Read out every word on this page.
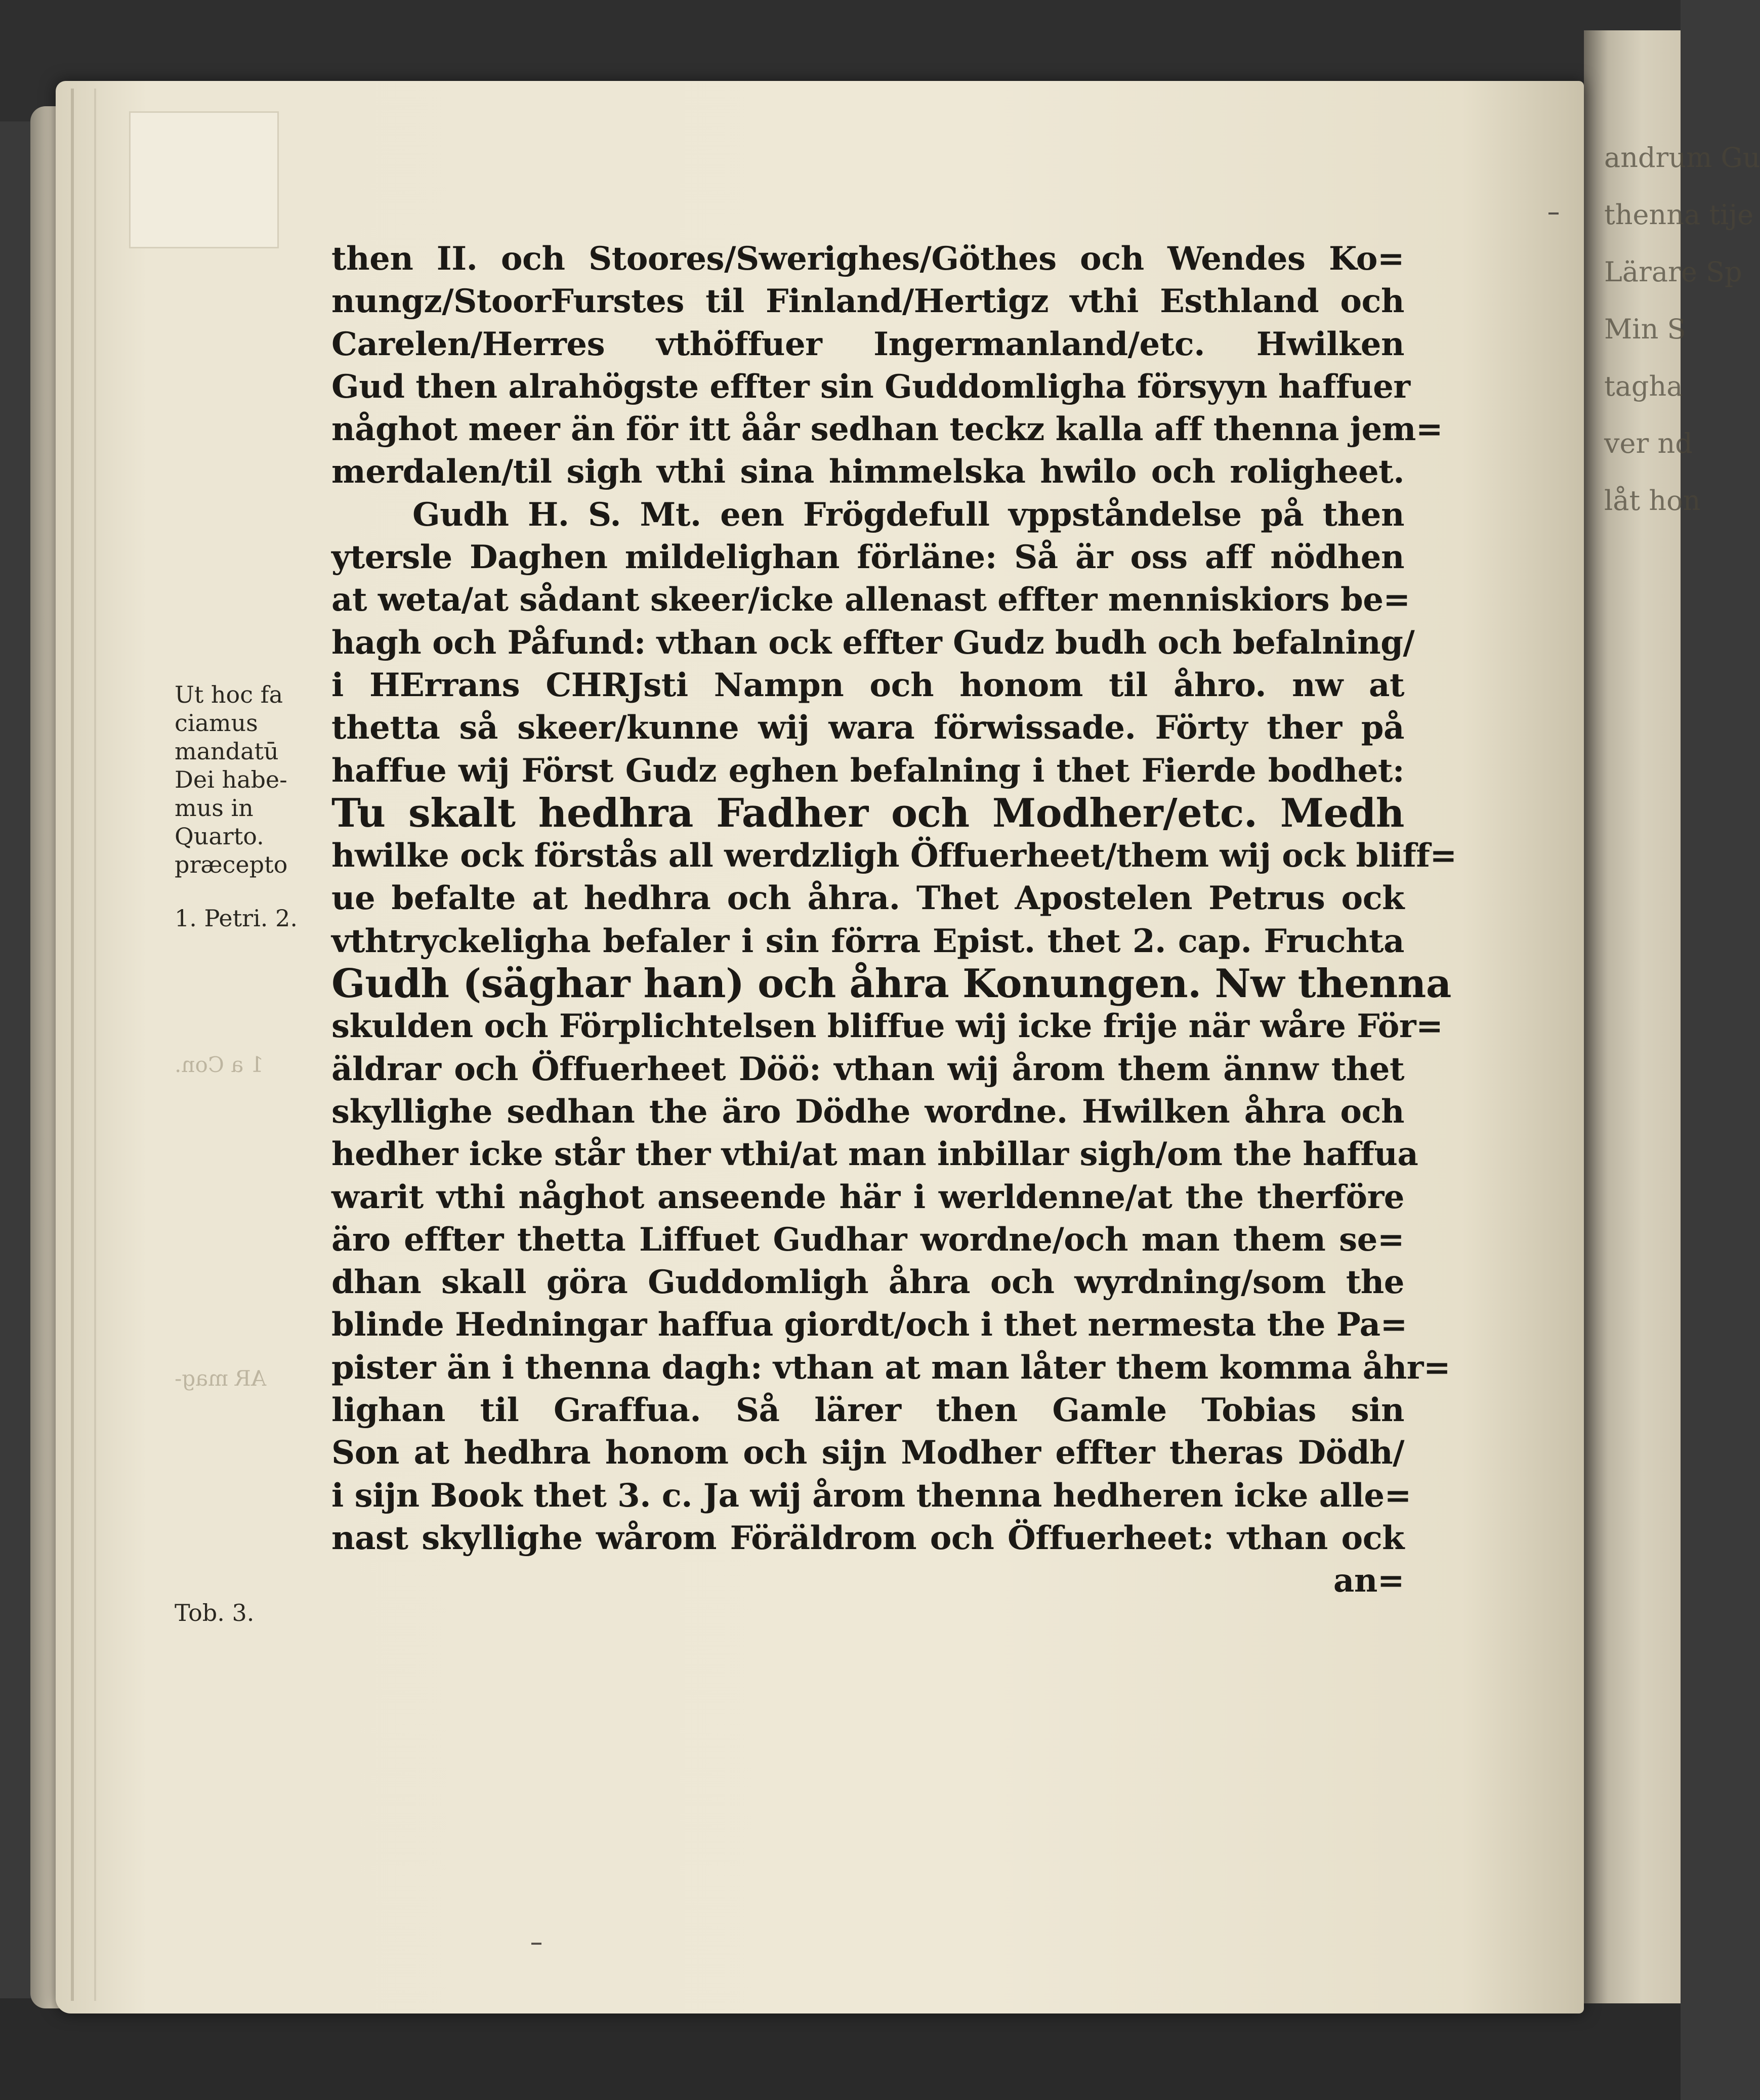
andrum Gu
thenna tije
Lärare Sp
Min S
tagha
ver nd
låt hon
1 a Con.
AR mag-
Ut hoc fa
ciamus
mandatū
Dei habe-
mus in
Quarto.
præcepto
1. Petri. 2.
Tob. 3.
then II. och Stoores/Swerighes/Göthes och Wendes Ko=
nungz/StoorFurstes til Finland/Hertigz vthi Esthland och
Carelen/Herres vthöffuer Ingermanland/etc. Hwilken
Gud then alrahögste effter sin Guddomligha försyyn haffuer
någhot meer än för itt åår sedhan teckz kalla aff thenna jem=
merdalen/til sigh vthi sina himmelska hwilo och roligheet.
Gudh H. S. Mt. een Frögdefull vppståndelse på then
ytersle Daghen mildelighan förläne: Så är oss aff nödhen
at weta/at sådant skeer/icke allenast effter menniskiors be=
hagh och Påfund: vthan ock effter Gudz budh och befalning/
i HErrans CHRJsti Nampn och honom til åhro. nw at
thetta så skeer/kunne wij wara förwissade. Förty ther på
haffue wij Först Gudz eghen befalning i thet Fierde bodhet:
Tu skalt hedhra Fadher och Modher/etc. Medh
hwilke ock förstås all werdzligh Öffuerheet/them wij ock bliff=
ue befalte at hedhra och åhra. Thet Apostelen Petrus ock
vthtryckeligha befaler i sin förra Epist. thet 2. cap. Fruchta
Gudh (säghar han) och åhra Konungen. Nw thenna
skulden och Förplichtelsen bliffue wij icke frije när wåre För=
äldrar och Öffuerheet Döö: vthan wij årom them ännw thet
skyllighe sedhan the äro Dödhe wordne. Hwilken åhra och
hedher icke står ther vthi/at man inbillar sigh/om the haffua
warit vthi någhot anseende här i werldenne/at the therföre
äro effter thetta Liffuet Gudhar wordne/och man them se=
dhan skall göra Guddomligh åhra och wyrdning/som the
blinde Hedningar haffua giordt/och i thet nermesta the Pa=
pister än i thenna dagh: vthan at man låter them komma åhr=
lighan til Graffua. Så lärer then Gamle Tobias sin
Son at hedhra honom och sijn Modher effter theras Dödh/
i sijn Book thet 3. c. Ja wij årom thenna hedheren icke alle=
nast skyllighe wårom Föräldrom och Öffuerheet: vthan ock
an=
